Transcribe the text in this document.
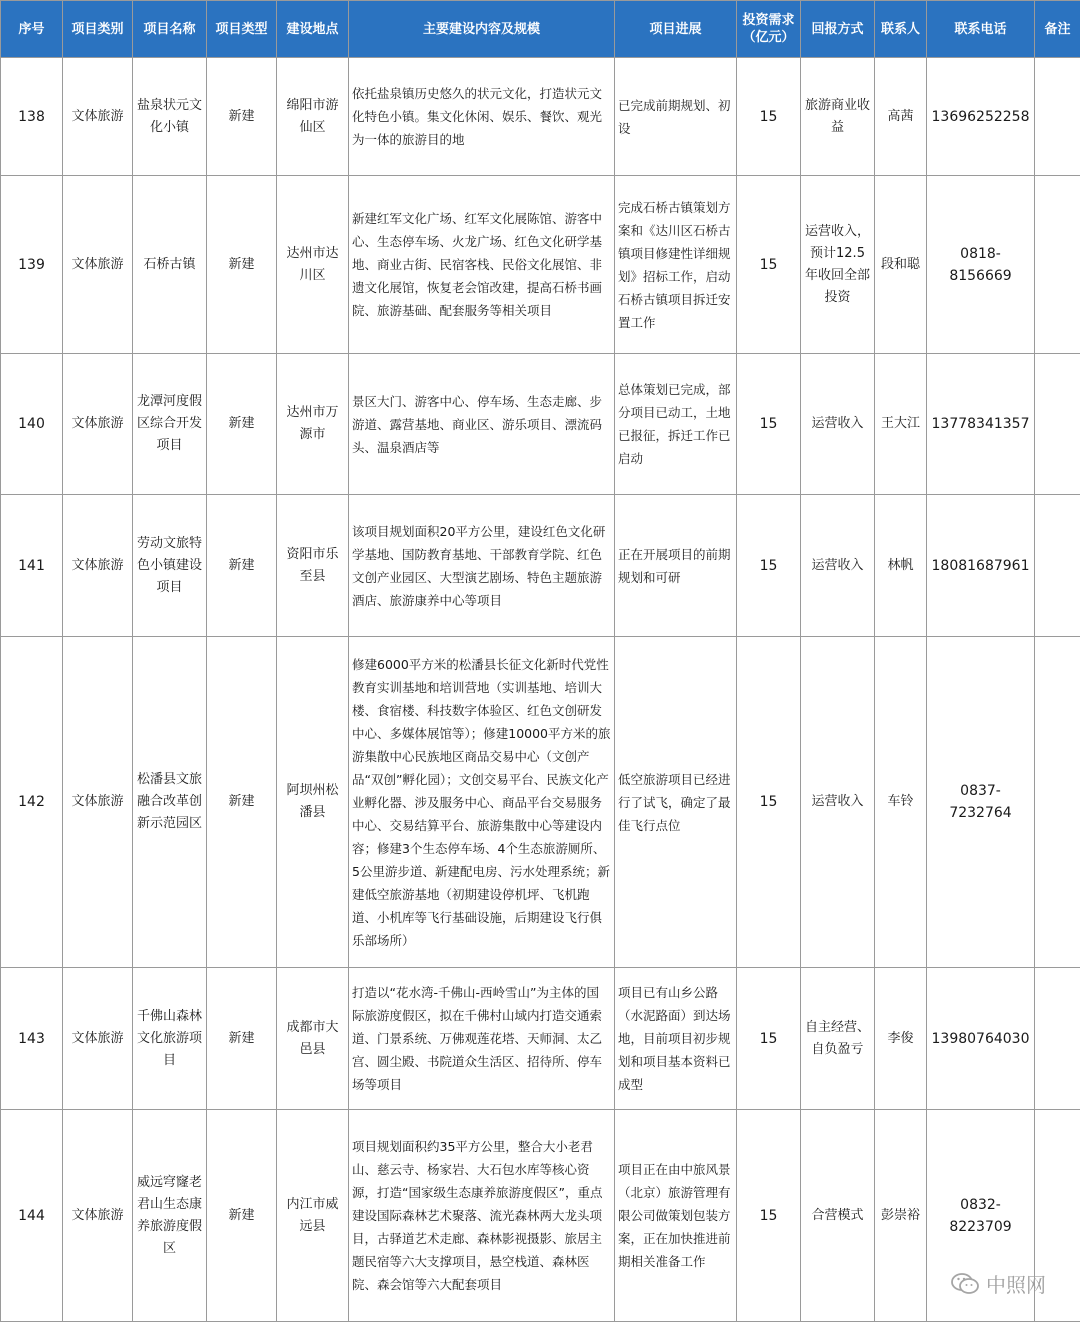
序号	项目类别	项目名称	项目类型	建设地点	主要建设内容及规模	项目进展	投资需求
（亿元）	回报方式	联系人	联系电话	备注
138	文体旅游	盐泉状元文化小镇	新建	绵阳市游仙区	依托盐泉镇历史悠久的状元文化，打造状元文化特色小镇。集文化休闲、娱乐、餐饮、观光为一体的旅游目的地	已完成前期规划、初设	15	旅游商业收益	高茜	13696252258	
139	文体旅游	石桥古镇	新建	达州市达川区	新建红军文化广场、红军文化展陈馆、游客中心、生态停车场、火龙广场、红色文化研学基地、商业古街、民宿客栈、民俗文化展馆、非遗文化展馆，恢复老会馆改建，提高石桥书画院、旅游基础、配套服务等相关项目	完成石桥古镇策划方案和《达川区石桥古镇项目修建性详细规划》招标工作，启动石桥古镇项目拆迁安置工作	15	运营收入，预计12.5年收回全部投资	段和聪	0818-8156669	
140	文体旅游	龙潭河度假区综合开发项目	新建	达州市万源市	景区大门、游客中心、停车场、生态走廊、步游道、露营基地、商业区、游乐项目、漂流码头、温泉酒店等	总体策划已完成，部分项目已动工，土地已报征，拆迁工作已启动	15	运营收入	王大江	13778341357	
141	文体旅游	劳动文旅特色小镇建设项目	新建	资阳市乐至县	该项目规划面积20平方公里，建设红色文化研学基地、国防教育基地、干部教育学院、红色文创产业园区、大型演艺剧场、特色主题旅游酒店、旅游康养中心等项目	正在开展项目的前期规划和可研	15	运营收入	林帆	18081687961	
142	文体旅游	松潘县文旅融合改革创新示范园区	新建	阿坝州松潘县	修建6000平方米的松潘县长征文化新时代党性教育实训基地和培训营地（实训基地、培训大楼、食宿楼、科技数字体验区、红色文创研发中心、多媒体展馆等）；修建10000平方米的旅游集散中心民族地区商品交易中心（文创产品“双创”孵化园）；文创交易平台、民族文化产业孵化器、涉及服务中心、商品平台交易服务中心、交易结算平台、旅游集散中心等建设内容；修建3个生态停车场、4个生态旅游厕所、5公里游步道、新建配电房、污水处理系统；新建低空旅游基地（初期建设停机坪、飞机跑道、小机库等飞行基础设施，后期建设飞行俱乐部场所）	低空旅游项目已经进行了试飞，确定了最佳飞行点位	15	运营收入	车铃	0837-7232764	
143	文体旅游	千佛山森林文化旅游项目	新建	成都市大邑县	打造以“花水湾-千佛山-西岭雪山”为主体的国际旅游度假区，拟在千佛村山域内打造交通索道、门景系统、万佛观莲花塔、天师洞、太乙宫、圆尘殿、书院道众生活区、招待所、停车场等项目	项目已有山乡公路（水泥路面）到达场地，目前项目初步规划和项目基本资料已成型	15	自主经营、自负盈亏	李俊	13980764030	
144	文体旅游	威远穹窿老君山生态康养旅游度假区	新建	内江市威远县	项目规划面积约35平方公里，整合大小老君山、慈云寺、杨家岩、大石包水库等核心资源，打造“国家级生态康养旅游度假区”，重点建设国际森林艺术聚落、流光森林两大龙头项目，古驿道艺术走廊、森林影视摄影、旅居主题民宿等六大支撑项目，悬空栈道、森林医院、森会馆等六大配套项目	项目正在由中旅风景（北京）旅游管理有限公司做策划包装方案，正在加快推进前期相关准备工作	15	合营模式	彭崇裕	0832-8223709	
中照网
